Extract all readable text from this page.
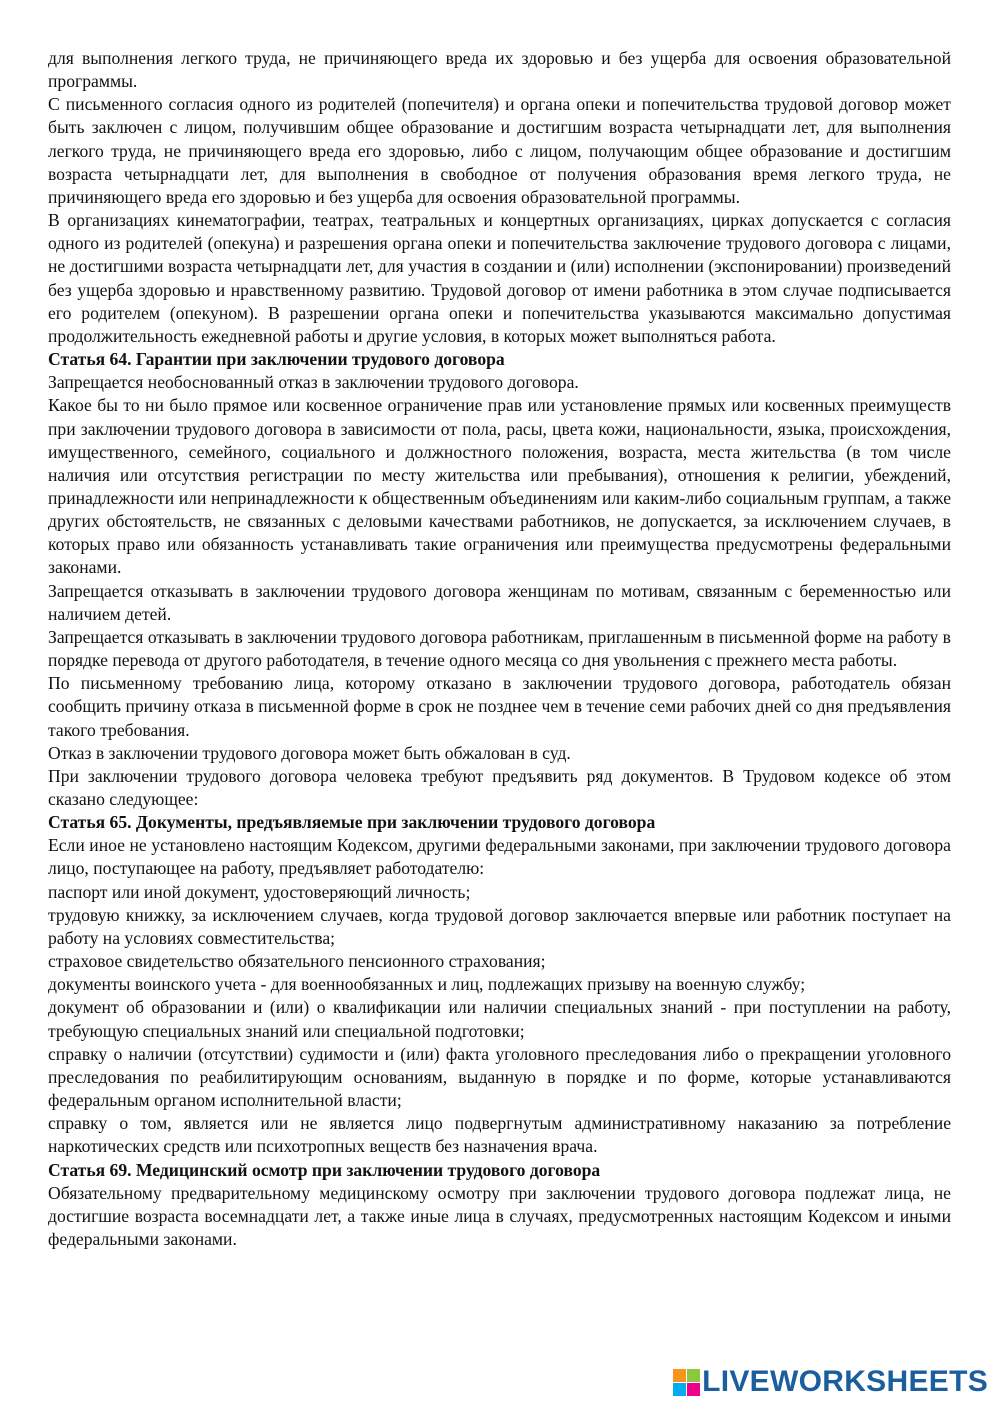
для выполнения легкого труда, не причиняющего вреда их здоровью и без ущерба для освоения образовательной программы.

С письменного согласия одного из родителей (попечителя) и органа опеки и попечительства трудовой договор может быть заключен с лицом, получившим общее образование и достигшим возраста четырнадцати лет, для выполнения легкого труда, не причиняющего вреда его здоровью, либо с лицом, получающим общее образование и достигшим возраста четырнадцати лет, для выполнения в свободное от получения образования время легкого труда, не причиняющего вреда его здоровью и без ущерба для освоения образовательной программы.

В организациях кинематографии, театрах, театральных и концертных организациях, цирках допускается с согласия одного из родителей (опекуна) и разрешения органа опеки и попечительства заключение трудового договора с лицами, не достигшими возраста четырнадцати лет, для участия в создании и (или) исполнении (экспонировании) произведений без ущерба здоровью и нравственному развитию. Трудовой договор от имени работника в этом случае подписывается его родителем (опекуном). В разрешении органа опеки и попечительства указываются максимально допустимая продолжительность ежедневной работы и другие условия, в которых может выполняться работа.

Статья 64. Гарантии при заключении трудового договора

Запрещается необоснованный отказ в заключении трудового договора.

Какое бы то ни было прямое или косвенное ограничение прав или установление прямых или косвенных преимуществ при заключении трудового договора в зависимости от пола, расы, цвета кожи, национальности, языка, происхождения, имущественного, семейного, социального и должностного положения, возраста, места жительства (в том числе наличия или отсутствия регистрации по месту жительства или пребывания), отношения к религии, убеждений, принадлежности или непринадлежности к общественным объединениям или каким-либо социальным группам, а также других обстоятельств, не связанных с деловыми качествами работников, не допускается, за исключением случаев, в которых право или обязанность устанавливать такие ограничения или преимущества предусмотрены федеральными законами.

Запрещается отказывать в заключении трудового договора женщинам по мотивам, связанным с беременностью или наличием детей.

Запрещается отказывать в заключении трудового договора работникам, приглашенным в письменной форме на работу в порядке перевода от другого работодателя, в течение одного месяца со дня увольнения с прежнего места работы.

По письменному требованию лица, которому отказано в заключении трудового договора, работодатель обязан сообщить причину отказа в письменной форме в срок не позднее чем в течение семи рабочих дней со дня предъявления такого требования.

Отказ в заключении трудового договора может быть обжалован в суд.

При заключении трудового договора человека требуют предъявить ряд документов. В Трудовом кодексе об этом сказано следующее:

Статья 65. Документы, предъявляемые при заключении трудового договора

Если иное не установлено настоящим Кодексом, другими федеральными законами, при заключении трудового договора лицо, поступающее на работу, предъявляет работодателю:

паспорт или иной документ, удостоверяющий личность;

трудовую книжку, за исключением случаев, когда трудовой договор заключается впервые или работник поступает на работу на условиях совместительства;

страховое свидетельство обязательного пенсионного страхования;

документы воинского учета - для военнообязанных и лиц, подлежащих призыву на военную службу;

документ об образовании и (или) о квалификации или наличии специальных знаний - при поступлении на работу, требующую специальных знаний или специальной подготовки;

справку о наличии (отсутствии) судимости и (или) факта уголовного преследования либо о прекращении уголовного преследования по реабилитирующим основаниям, выданную в порядке и по форме, которые устанавливаются федеральным органом исполнительной власти;

справку о том, является или не является лицо подвергнутым административному наказанию за потребление наркотических средств или психотропных веществ без назначения врача.

Статья 69. Медицинский осмотр при заключении трудового договора

Обязательному предварительному медицинскому осмотру при заключении трудового договора подлежат лица, не достигшие возраста восемнадцати лет, а также иные лица в случаях, предусмотренных настоящим Кодексом и иными федеральными законами.

LIVEWORKSHEETS
